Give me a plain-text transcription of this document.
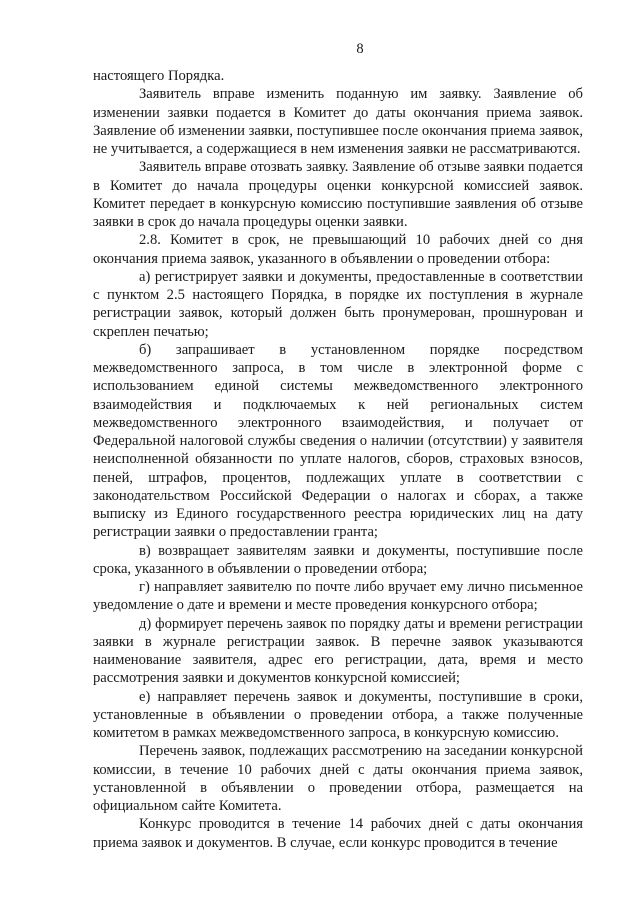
8

настоящего Порядка.

Заявитель вправе изменить поданную им заявку. Заявление об изменении заявки подается в Комитет до даты окончания приема заявок. Заявление об изменении заявки, поступившее после окончания приема заявок, не учитывается, а содержащиеся в нем изменения заявки не рассматриваются.

Заявитель вправе отозвать заявку. Заявление об отзыве заявки подается в Комитет до начала процедуры оценки конкурсной комиссией заявок. Комитет передает в конкурсную комиссию поступившие заявления об отзыве заявки в срок до начала процедуры оценки заявки.

2.8. Комитет в срок, не превышающий 10 рабочих дней со дня окончания приема заявок, указанного в объявлении о проведении отбора:

а) регистрирует заявки и документы, предоставленные в соответствии с пунктом 2.5 настоящего Порядка, в порядке их поступления в журнале регистрации заявок, который должен быть пронумерован, прошнурован и скреплен печатью;

б) запрашивает в установленном порядке посредством межведомственного запроса, в том числе в электронной форме с использованием единой системы межведомственного электронного взаимодействия и подключаемых к ней региональных систем межведомственного электронного взаимодействия, и получает от Федеральной налоговой службы сведения о наличии (отсутствии) у заявителя неисполненной обязанности по уплате налогов, сборов, страховых взносов, пеней, штрафов, процентов, подлежащих уплате в соответствии с законодательством Российской Федерации о налогах и сборах, а также выписку из Единого государственного реестра юридических лиц на дату регистрации заявки о предоставлении гранта;

в) возвращает заявителям заявки и документы, поступившие после срока, указанного в объявлении о проведении отбора;

г) направляет заявителю по почте либо вручает ему лично письменное уведомление о дате и времени и месте проведения конкурсного отбора;

д) формирует перечень заявок по порядку даты и времени регистрации заявки в журнале регистрации заявок. В перечне заявок указываются наименование заявителя, адрес его регистрации, дата, время и место рассмотрения заявки и документов конкурсной комиссией;

е) направляет перечень заявок и документы, поступившие в сроки, установленные в объявлении о проведении отбора, а также полученные комитетом в рамках межведомственного запроса, в конкурсную комиссию.

Перечень заявок, подлежащих рассмотрению на заседании конкурсной комиссии, в течение 10 рабочих дней с даты окончания приема заявок, установленной в объявлении о проведении отбора, размещается на официальном сайте Комитета.

Конкурс проводится в течение 14 рабочих дней с даты окончания приема заявок и документов. В случае, если конкурс проводится в течение
